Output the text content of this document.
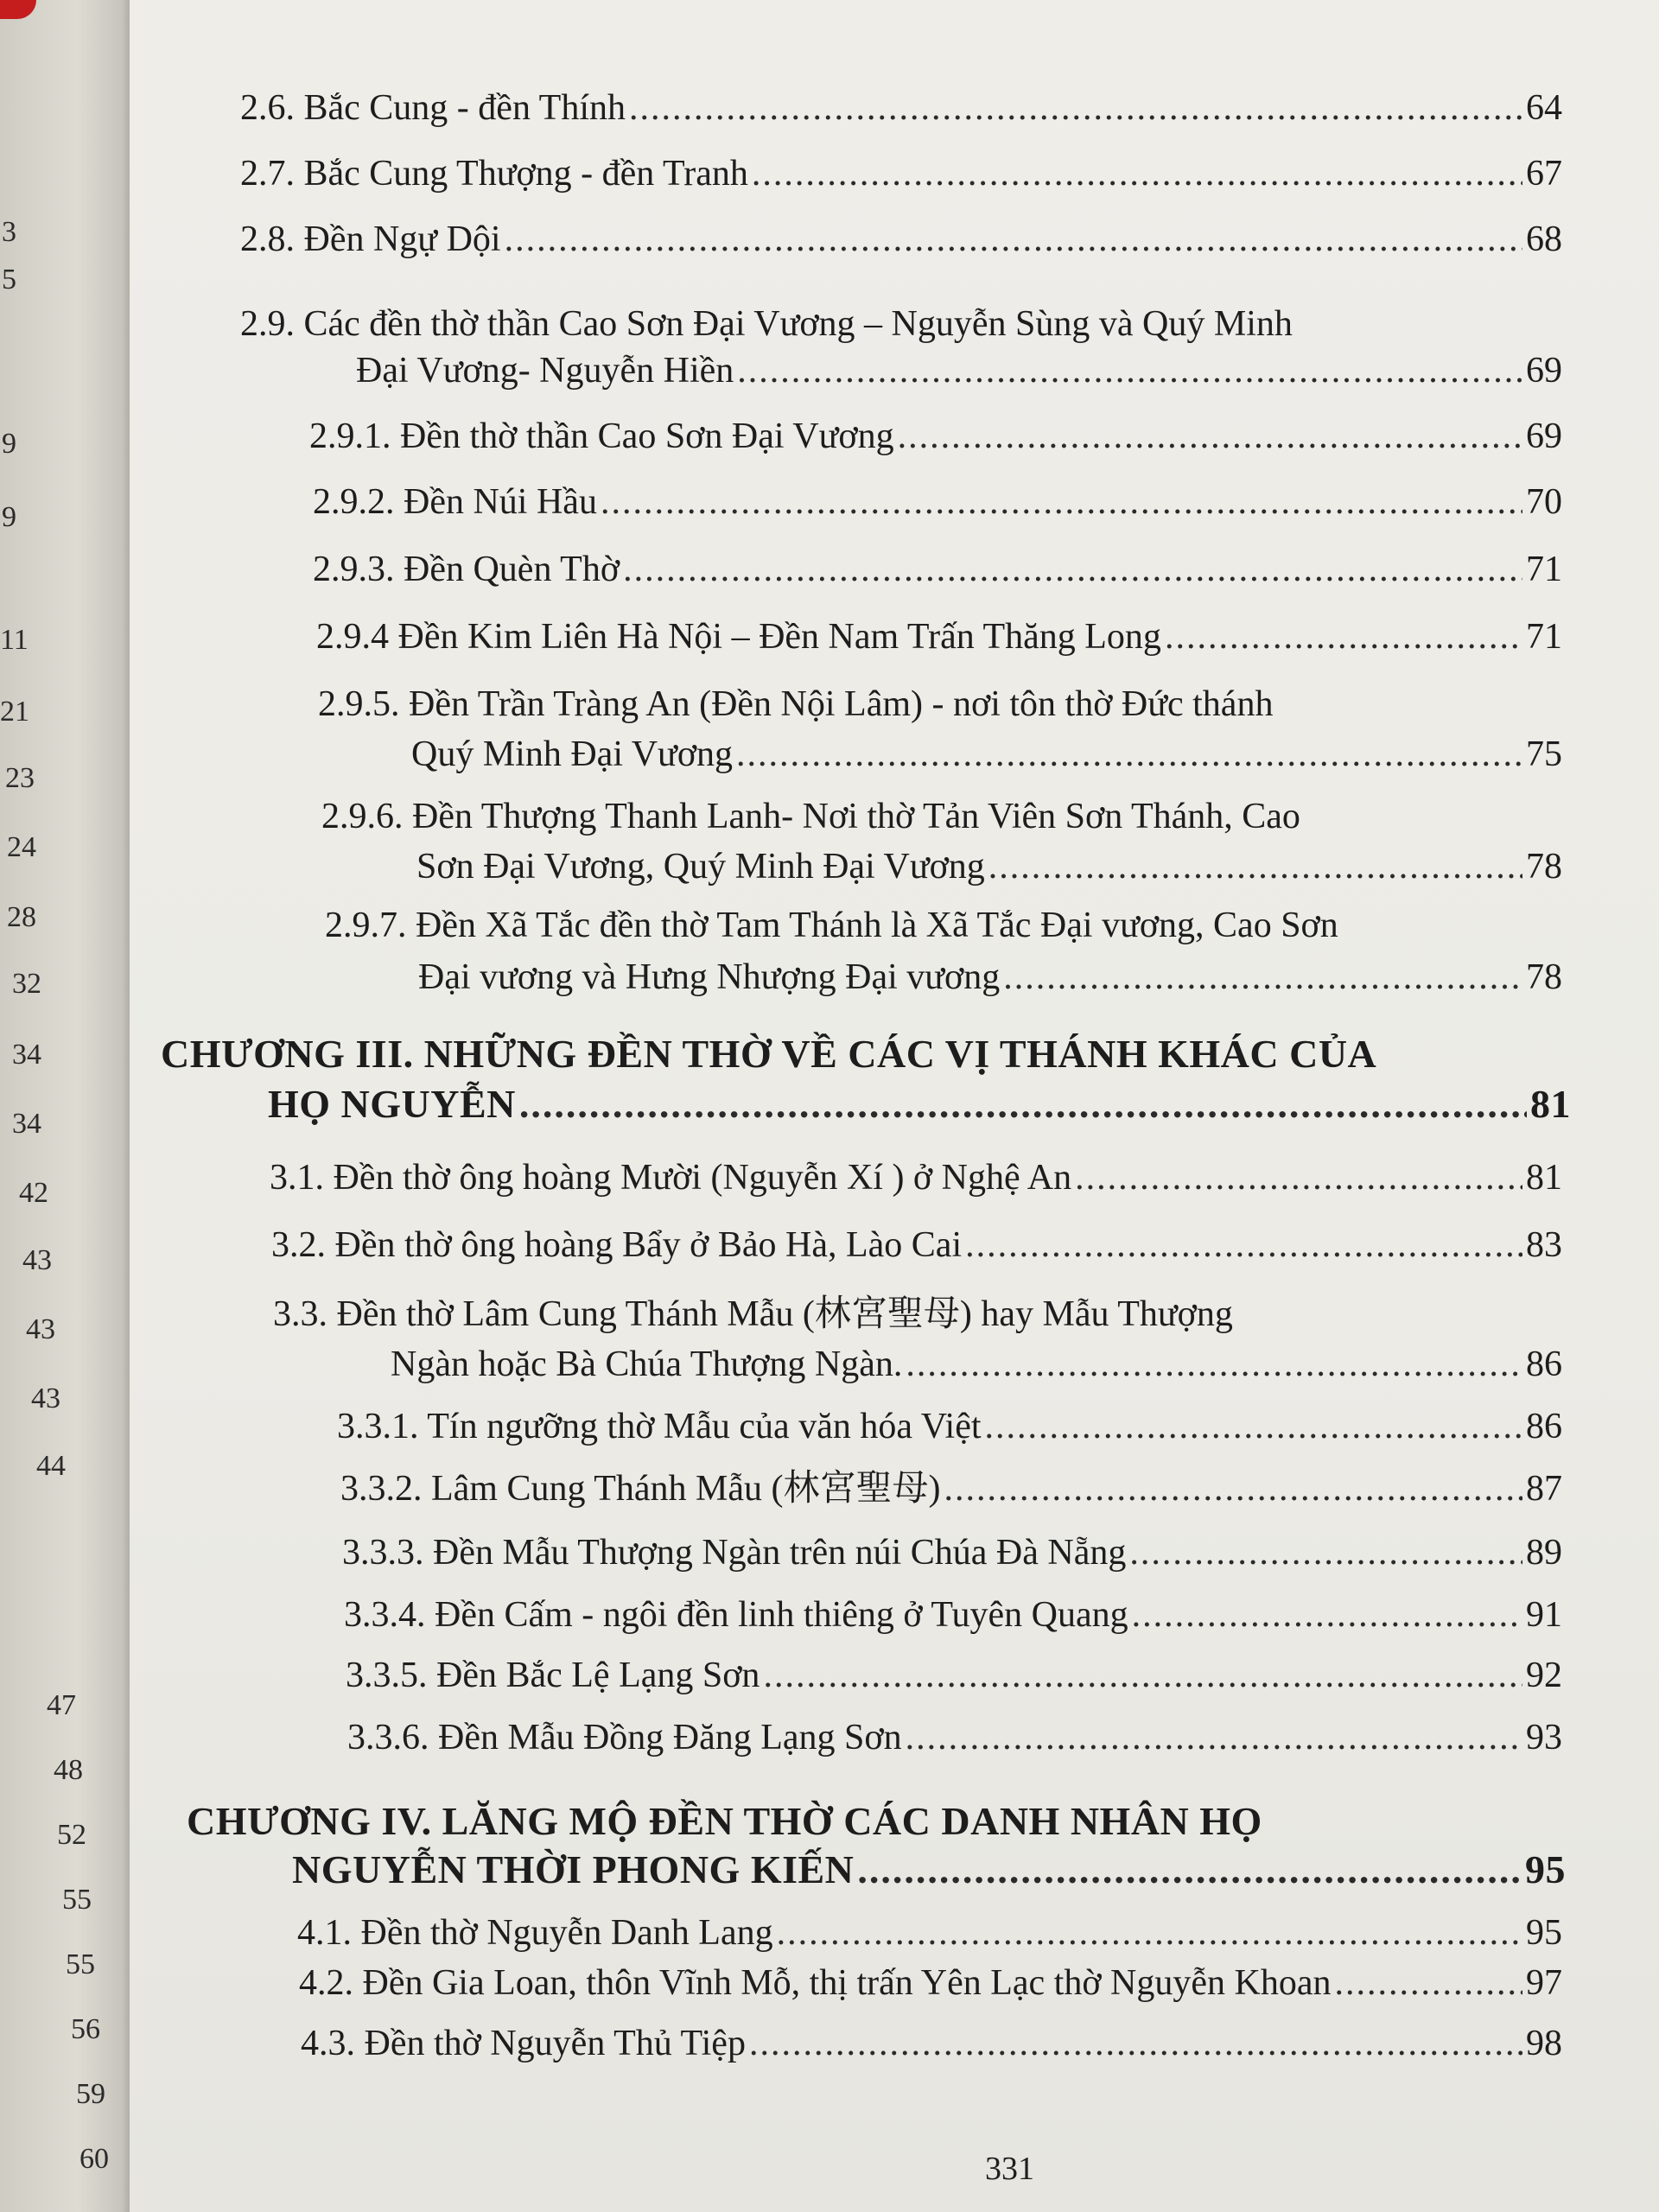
3
5
9
9
11
21
23
24
28
32
34
34
42
43
43
43
44
47
48
52
55
55
56
59
60
2.6. Bắc Cung - đền Thính .....	64
2.7. Bắc Cung Thượng - đền Tranh .....	67
2.8. Đền Ngự Dội .....	68
2.9. Các đền thờ thần Cao Sơn Đại Vương – Nguyễn Sùng và Quý Minh
Đại Vương- Nguyễn Hiền .....	69
2.9.1. Đền thờ thần Cao Sơn Đại Vương .....	69
2.9.2. Đền Núi Hầu .....	70
2.9.3. Đền Quèn Thờ .....	71
2.9.4 Đền Kim Liên Hà Nội – Đền Nam Trấn Thăng Long .....	71
2.9.5. Đền Trần Tràng An (Đền Nội Lâm) - nơi tôn thờ Đức thánh
Quý Minh Đại Vương .....	75
2.9.6. Đền Thượng Thanh Lanh- Nơi thờ Tản Viên Sơn Thánh, Cao
Sơn Đại Vương, Quý Minh Đại Vương .....	78
2.9.7. Đền Xã Tắc đền thờ Tam Thánh là Xã Tắc Đại vương, Cao Sơn
Đại vương và Hưng Nhượng Đại vương .....	78
CHƯƠNG III. NHỮNG ĐỀN THỜ VỀ CÁC VỊ THÁNH KHÁC CỦA
HỌ NGUYỄN .....	81
3.1. Đền thờ ông hoàng Mười (Nguyễn Xí ) ở Nghệ An .....	81
3.2. Đền thờ ông hoàng Bẩy ở Bảo Hà, Lào Cai .....	83
3.3. Đền thờ Lâm Cung Thánh Mẫu (林宮聖母) hay Mẫu Thượng
Ngàn hoặc Bà Chúa Thượng Ngàn. .....	86
3.3.1. Tín ngưỡng thờ Mẫu của văn hóa Việt .....	86
3.3.2. Lâm Cung Thánh Mẫu (林宮聖母) .....	87
3.3.3. Đền Mẫu Thượng Ngàn trên núi Chúa Đà Nẵng .....	89
3.3.4. Đền Cấm - ngôi đền linh thiêng ở Tuyên Quang .....	91
3.3.5. Đền Bắc Lệ Lạng Sơn .....	92
3.3.6. Đền Mẫu Đồng Đăng Lạng Sơn .....	93
CHƯƠNG IV. LĂNG MỘ ĐỀN THỜ CÁC DANH NHÂN HỌ
NGUYỄN THỜI PHONG KIẾN .....	95
4.1. Đền thờ Nguyễn Danh Lang .....	95
4.2. Đền Gia Loan, thôn Vĩnh Mỗ, thị trấn Yên Lạc thờ Nguyễn Khoan .....	97
4.3. Đền thờ Nguyễn Thủ Tiệp .....	98
331
